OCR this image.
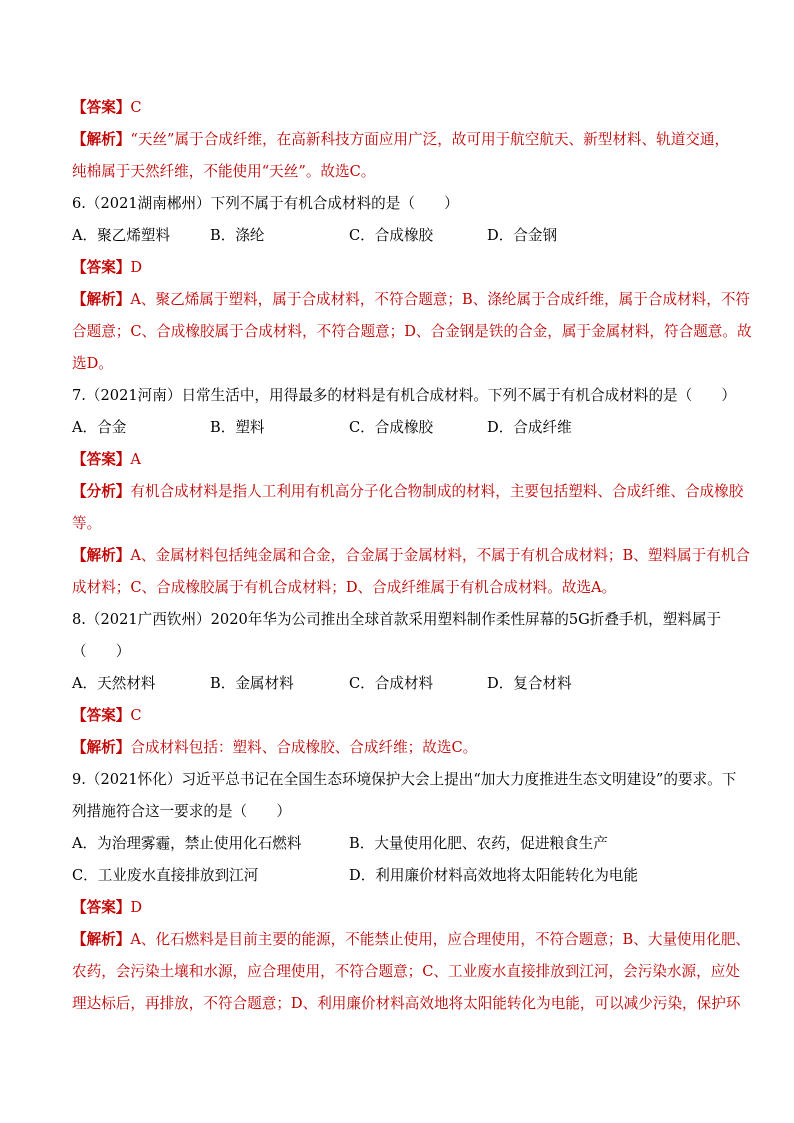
【答案】C

【解析】“天丝”属于合成纤维，在高新科技方面应用广泛，故可用于航空航天、新型材料、轨道交通，

纯棉属于天然纤维，不能使用“天丝”。故选C。

6.（2021湖南郴州）下列不属于有机合成材料的是（　　）

A．聚乙烯塑料	B．涤纶	C．合成橡胶	D．合金钢

【答案】D

【解析】A、聚乙烯属于塑料，属于合成材料，不符合题意；B、涤纶属于合成纤维，属于合成材料，不符

合题意；C、合成橡胶属于合成材料，不符合题意；D、合金钢是铁的合金，属于金属材料，符合题意。故

选D。

7.（2021河南）日常生活中，用得最多的材料是有机合成材料。下列不属于有机合成材料的是（　　）

A．合金	B．塑料	C．合成橡胶	D．合成纤维

【答案】A

【分析】有机合成材料是指人工利用有机高分子化合物制成的材料，主要包括塑料、合成纤维、合成橡胶

等。

【解析】A、金属材料包括纯金属和合金，合金属于金属材料，不属于有机合成材料；B、塑料属于有机合

成材料；C、合成橡胶属于有机合成材料；D、合成纤维属于有机合成材料。故选A。

8.（2021广西钦州）2020年华为公司推出全球首款采用塑料制作柔性屏幕的5G折叠手机，塑料属于

（　　）

A．天然材料	B．金属材料	C．合成材料	D．复合材料

【答案】C

【解析】合成材料包括：塑料、合成橡胶、合成纤维；故选C。

9.（2021怀化）习近平总书记在全国生态环境保护大会上提出“加大力度推进生态文明建设”的要求。下

列措施符合这一要求的是（　　）

A．为治理雾霾，禁止使用化石燃料	B．大量使用化肥、农药，促进粮食生产
C．工业废水直接排放到江河	D．利用廉价材料高效地将太阳能转化为电能

【答案】D

【解析】A、化石燃料是目前主要的能源，不能禁止使用，应合理使用，不符合题意；B、大量使用化肥、

农药，会污染土壤和水源，应合理使用，不符合题意；C、工业废水直接排放到江河，会污染水源，应处

理达标后，再排放，不符合题意；D、利用廉价材料高效地将太阳能转化为电能，可以减少污染，保护环
